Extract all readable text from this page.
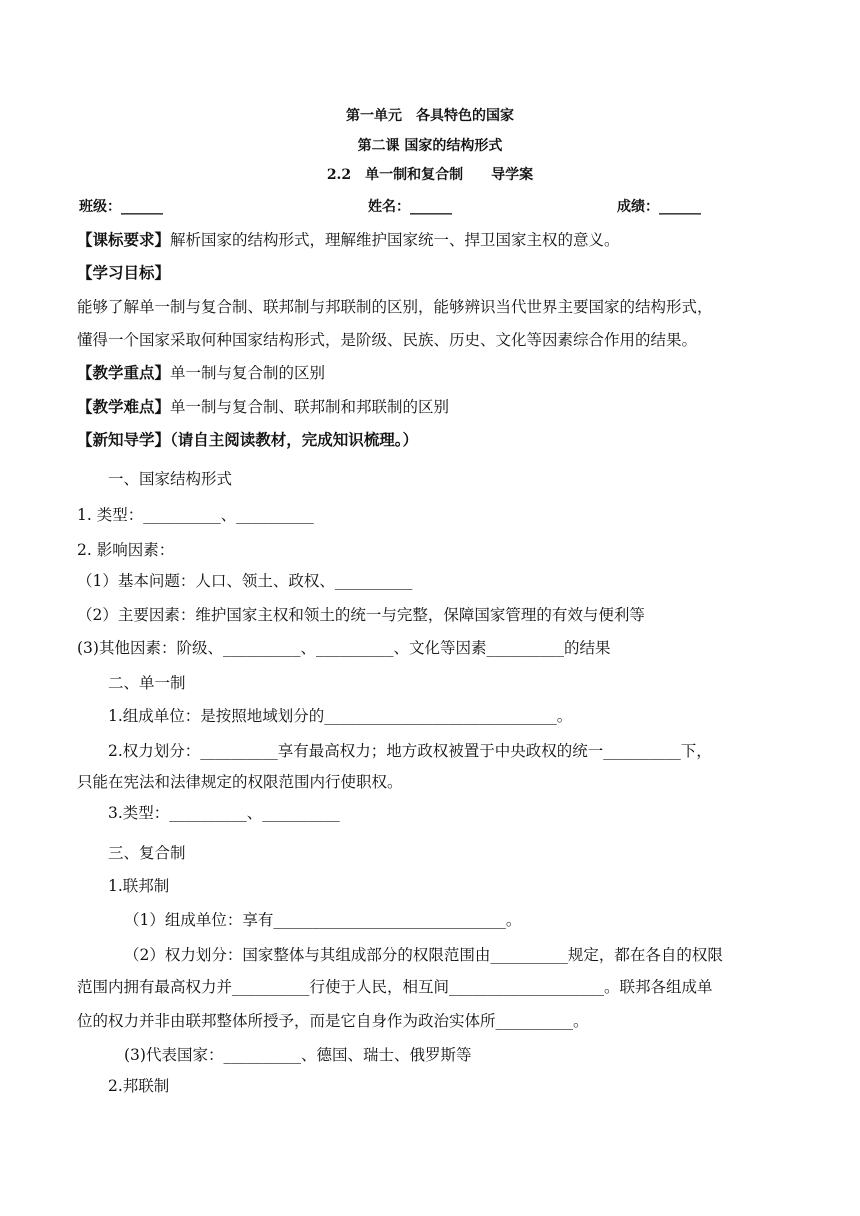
第一单元　各具特色的国家
第二课 国家的结构形式
2.2　单一制和复合制　　导学案
班级：______	姓名：______	成绩：______
【课标要求】解析国家的结构形式，理解维护国家统一、捍卫国家主权的意义。
【学习目标】
能够了解单一制与复合制、联邦制与邦联制的区别，能够辨识当代世界主要国家的结构形式，
懂得一个国家采取何种国家结构形式，是阶级、民族、历史、文化等因素综合作用的结果。
【教学重点】单一制与复合制的区别
【教学难点】单一制与复合制、联邦制和邦联制的区别
【新知导学】（请自主阅读教材，完成知识梳理。）
一、国家结构形式
1. 类型：__________、__________
2. 影响因素：
（1）基本问题：人口、领土、政权、__________
（2）主要因素：维护国家主权和领土的统一与完整，保障国家管理的有效与便利等
(3)其他因素：阶级、__________、__________、文化等因素__________的结果
二、单一制
1.组成单位：是按照地域划分的______________________________。
2.权力划分：__________享有最高权力；地方政权被置于中央政权的统一__________下，
只能在宪法和法律规定的权限范围内行使职权。
3.类型：__________、__________
三、复合制
1.联邦制
（1）组成单位：享有______________________________。
（2）权力划分：国家整体与其组成部分的权限范围由__________规定，都在各自的权限
范围内拥有最高权力并__________行使于人民，相互间____________________。联邦各组成单
位的权力并非由联邦整体所授予，而是它自身作为政治实体所__________。
(3)代表国家：__________、德国、瑞士、俄罗斯等
2.邦联制
